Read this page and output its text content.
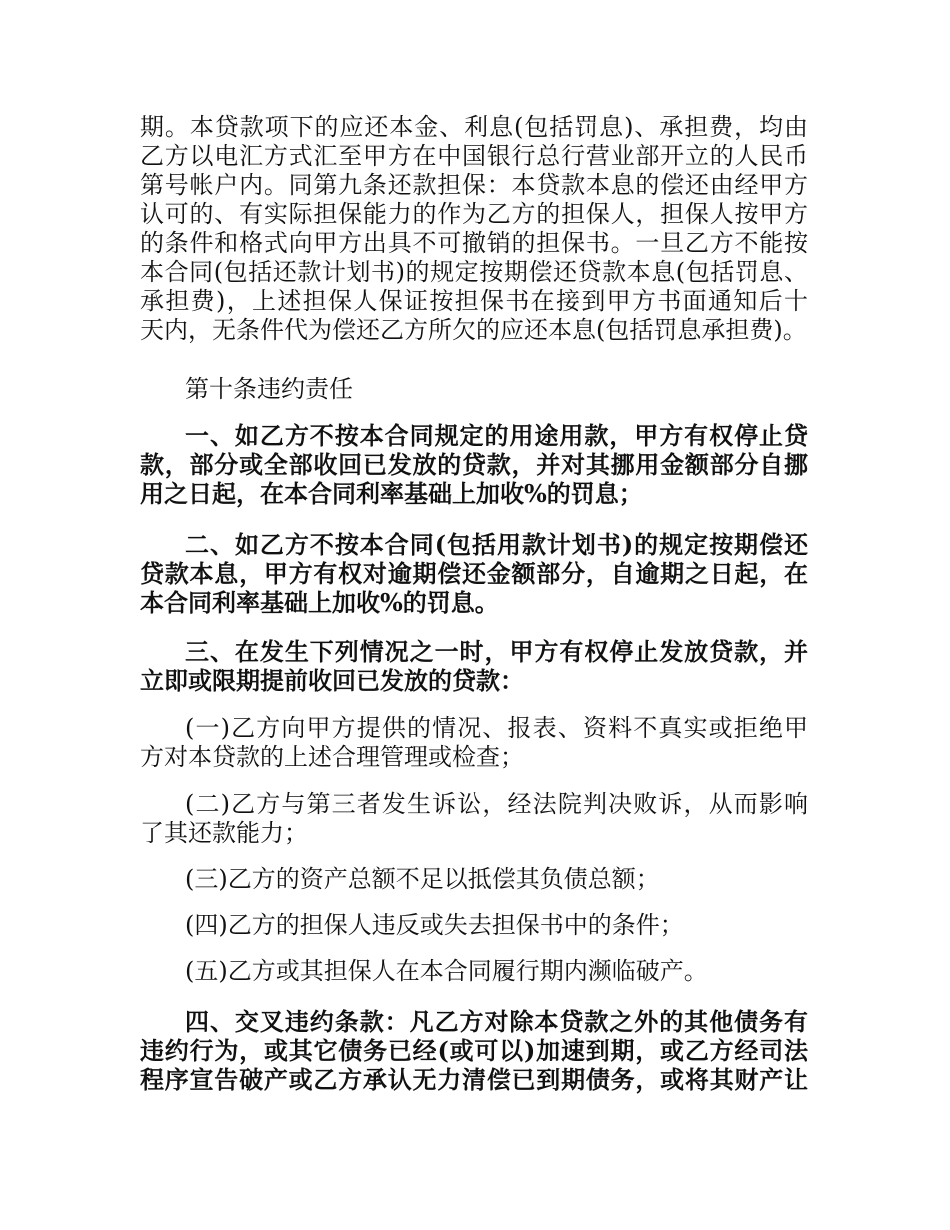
期。本贷款项下的应还本金、利息(包括罚息)、承担费，均由
乙方以电汇方式汇至甲方在中国银行总行营业部开立的人民币
第号帐户内。同第九条还款担保：本贷款本息的偿还由经甲方
认可的、有实际担保能力的作为乙方的担保人，担保人按甲方
的条件和格式向甲方出具不可撤销的担保书。一旦乙方不能按
本合同(包括还款计划书)的规定按期偿还贷款本息(包括罚息、
承担费)，上述担保人保证按担保书在接到甲方书面通知后十
天内，无条件代为偿还乙方所欠的应还本息(包括罚息承担费)。
第十条违约责任
一、如乙方不按本合同规定的用途用款，甲方有权停止贷
款，部分或全部收回已发放的贷款，并对其挪用金额部分自挪
用之日起，在本合同利率基础上加收%的罚息；
二、如乙方不按本合同(包括用款计划书)的规定按期偿还
贷款本息，甲方有权对逾期偿还金额部分，自逾期之日起，在
本合同利率基础上加收%的罚息。
三、在发生下列情况之一时，甲方有权停止发放贷款，并
立即或限期提前收回已发放的贷款：
(一)乙方向甲方提供的情况、报表、资料不真实或拒绝甲
方对本贷款的上述合理管理或检查；
(二)乙方与第三者发生诉讼，经法院判决败诉，从而影响
了其还款能力；
(三)乙方的资产总额不足以抵偿其负债总额；
(四)乙方的担保人违反或失去担保书中的条件；
(五)乙方或其担保人在本合同履行期内濒临破产。
四、交叉违约条款：凡乙方对除本贷款之外的其他债务有
违约行为，或其它债务已经(或可以)加速到期，或乙方经司法
程序宣告破产或乙方承认无力清偿已到期债务，或将其财产让
